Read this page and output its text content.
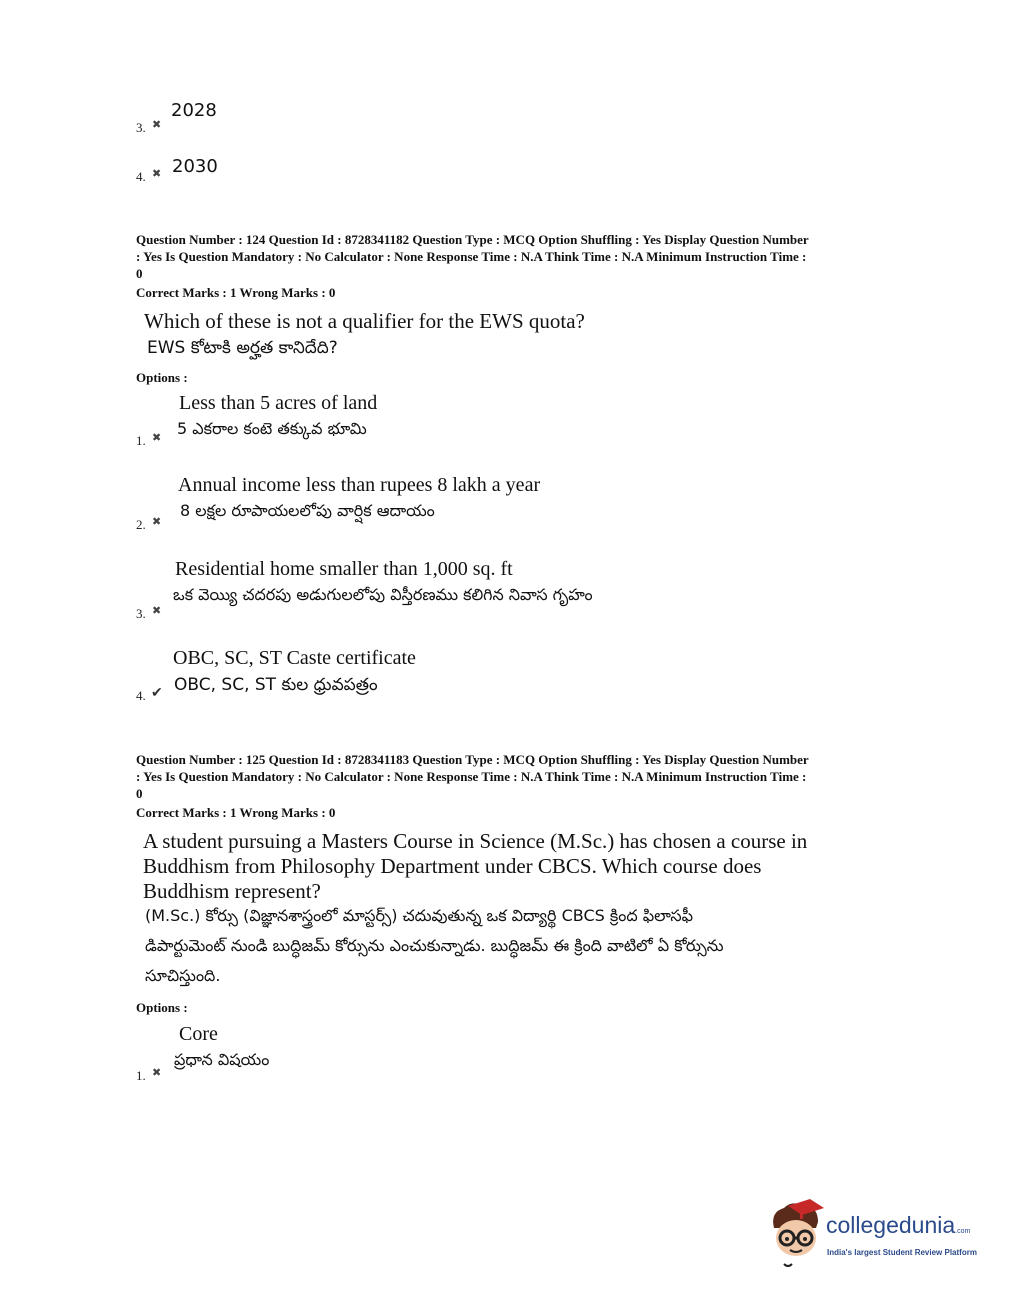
3. ✖
2028
4. ✖ 2030
Question Number : 124 Question Id : 8728341182 Question Type : MCQ Option Shuffling : Yes Display Question Number
: Yes Is Question Mandatory : No Calculator : None Response Time : N.A Think Time : N.A Minimum Instruction Time :
0
Correct Marks : 1 Wrong Marks : 0
Which of these is not a qualifier for the EWS quota?
EWS కోటాకి అర్హత కానిదేది?
Options :
Less than 5 acres of land
5 ఎకరాల కంటె తక్కువ భూమి
1. ✖
Annual income less than rupees 8 lakh a year
8 లక్షల రూపాయలలోపు వార్షిక ఆదాయం
2. ✖
Residential home smaller than 1,000 sq. ft
ఒక వెయ్యి చదరపు అడుగులలోపు విస్తీరణము కలిగిన నివాస గృహం
3. ✖
OBC, SC, ST Caste certificate
OBC, SC, ST కుల ధ్రువపత్రం
4. ✔
Question Number : 125 Question Id : 8728341183 Question Type : MCQ Option Shuffling : Yes Display Question Number
: Yes Is Question Mandatory : No Calculator : None Response Time : N.A Think Time : N.A Minimum Instruction Time :
0
Correct Marks : 1 Wrong Marks : 0
A student pursuing a Masters Course in Science (M.Sc.) has chosen a course in
Buddhism from Philosophy Department under CBCS. Which course does
Buddhism represent?
(M.Sc.) కోర్సు (విజ్ఞానశాస్త్రంలో మాస్టర్స్) చదువుతున్న ఒక విద్యార్థి CBCS క్రింద ఫిలాసఫీ
డిపార్టుమెంట్ నుండి బుద్ధిజమ్ కోర్సును ఎంచుకున్నాడు. బుద్ధిజమ్ ఈ క్రింది వాటిలో ఏ కోర్సును
సూచిస్తుంది.
Options :
Core
ప్రధాన విషయం
1. ✖
collegedunia.com
India's largest Student Review Platform
